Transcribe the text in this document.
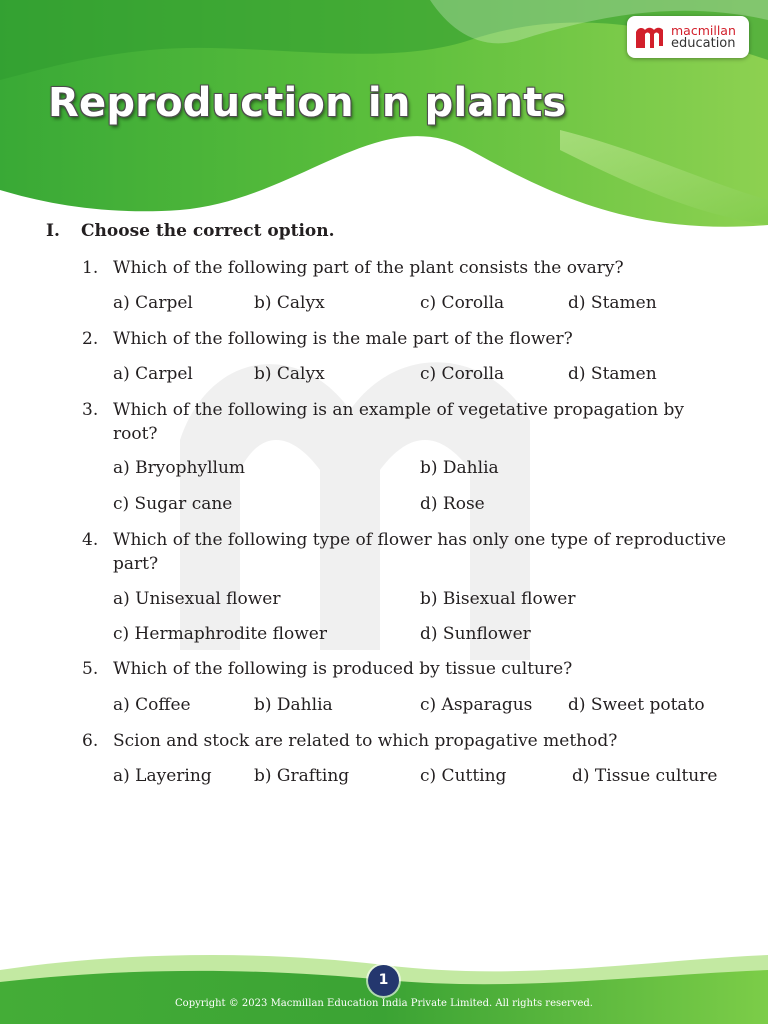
Reproduction in plants
macmillan
education
I.	Choose the correct option.
1. Which of the following part of the plant consists the ovary?
a) Carpel	b) Calyx	c) Corolla	d) Stamen
2. Which of the following is the male part of the flower?
a) Carpel	b) Calyx	c) Corolla	d) Stamen
3. Which of the following is an example of vegetative propagation by root?
a) Bryophyllum	b) Dahlia
c) Sugar cane	d) Rose
4. Which of the following type of flower has only one type of reproductive part?
a) Unisexual flower	b) Bisexual flower
c) Hermaphrodite flower	d) Sunflower
5. Which of the following is produced by tissue culture?
a) Coffee	b) Dahlia	c) Asparagus d) Sweet potato
6. Scion and stock are related to which propagative method?
a) Layering b) Grafting	c) Cutting	d) Tissue culture
1
Copyright © 2023 Macmillan Education India Private Limited. All rights reserved.
